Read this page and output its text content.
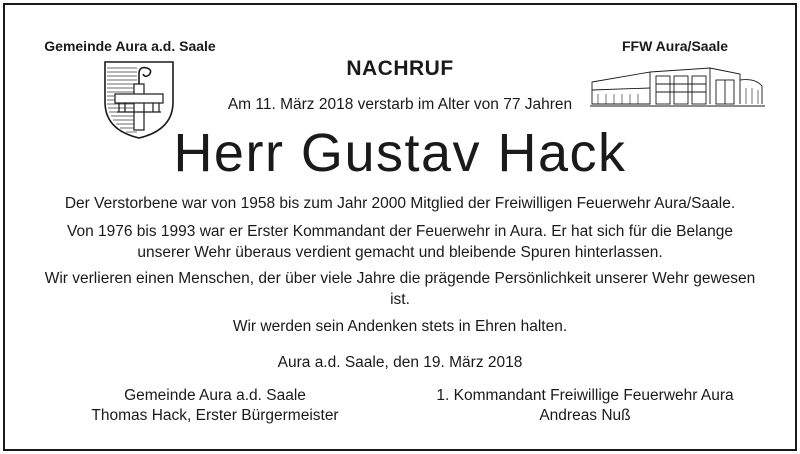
Gemeinde Aura a.d. Saale	FFW Aura/Saale
NACHRUF
Am 11. März 2018 verstarb im Alter von 77 Jahren
Herr Gustav Hack
Der Verstorbene war von 1958 bis zum Jahr 2000 Mitglied der Freiwilligen Feuerwehr Aura/Saale.
Von 1976 bis 1993 war er Erster Kommandant der Feuerwehr in Aura. Er hat sich für die Belange unserer Wehr überaus verdient gemacht und bleibende Spuren hinterlassen.
Wir verlieren einen Menschen, der über viele Jahre die prägende Persönlichkeit unserer Wehr gewesen ist.
Wir werden sein Andenken stets in Ehren halten.
Aura a.d. Saale, den 19. März 2018
Gemeinde Aura a.d. Saale
Thomas Hack, Erster Bürgermeister
1. Kommandant Freiwillige Feuerwehr Aura
Andreas Nuß
